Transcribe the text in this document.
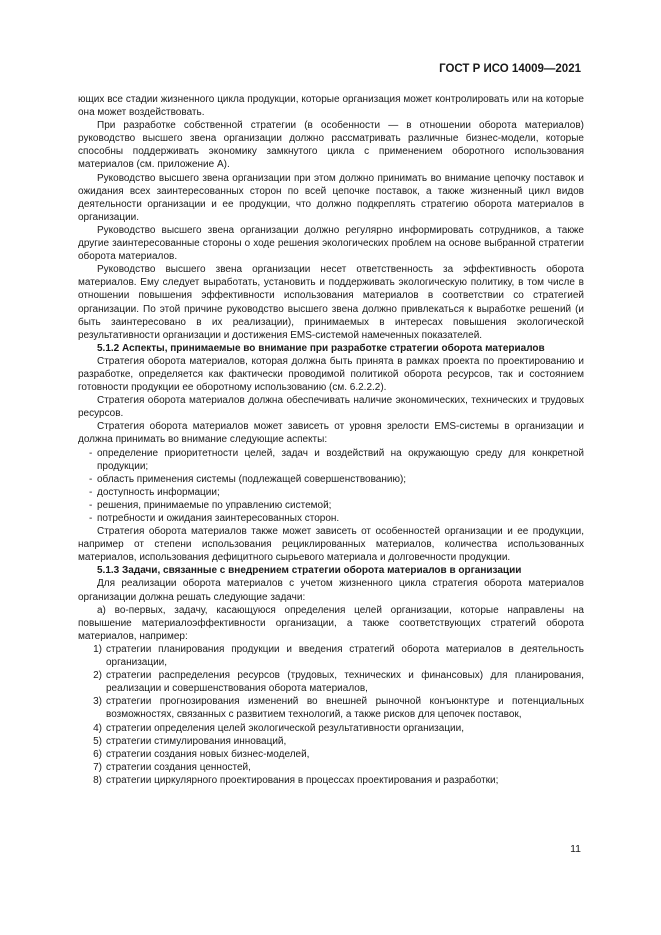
ГОСТ Р ИСО 14009—2021

ющих все стадии жизненного цикла продукции, которые организация может контролировать или на которые она может воздействовать.

При разработке собственной стратегии (в особенности — в отношении оборота материалов) руководство высшего звена организации должно рассматривать различные бизнес-модели, которые способны поддерживать экономику замкнутого цикла с применением оборотного использования материалов (см. приложение А).

Руководство высшего звена организации при этом должно принимать во внимание цепочку поставок и ожидания всех заинтересованных сторон по всей цепочке поставок, а также жизненный цикл видов деятельности организации и ее продукции, что должно подкреплять стратегию оборота материалов в организации.

Руководство высшего звена организации должно регулярно информировать сотрудников, а также другие заинтересованные стороны о ходе решения экологических проблем на основе выбранной стратегии оборота материалов.

Руководство высшего звена организации несет ответственность за эффективность оборота материалов. Ему следует выработать, установить и поддерживать экологическую политику, в том числе в отношении повышения эффективности использования материалов в соответствии со стратегией организации. По этой причине руководство высшего звена должно привлекаться к выработке решений (и быть заинтересовано в их реализации), принимаемых в интересах повышения экологической результативности организации и достижения EMS-системой намеченных показателей.

5.1.2 Аспекты, принимаемые во внимание при разработке стратегии оборота материалов

Стратегия оборота материалов, которая должна быть принята в рамках проекта по проектированию и разработке, определяется как фактически проводимой политикой оборота ресурсов, так и состоянием готовности продукции ее оборотному использованию (см. 6.2.2.2).

Стратегия оборота материалов должна обеспечивать наличие экономических, технических и трудовых ресурсов.

Стратегия оборота материалов может зависеть от уровня зрелости EMS-системы в организации и должна принимать во внимание следующие аспекты:

- определение приоритетности целей, задач и воздействий на окружающую среду для конкретной продукции;

- область применения системы (подлежащей совершенствованию);

- доступность информации;

- решения, принимаемые по управлению системой;

- потребности и ожидания заинтересованных сторон.

Стратегия оборота материалов также может зависеть от особенностей организации и ее продукции, например от степени использования рециклированных материалов, количества использованных материалов, использования дефицитного сырьевого материала и долговечности продукции.

5.1.3 Задачи, связанные с внедрением стратегии оборота материалов в организации

Для реализации оборота материалов с учетом жизненного цикла стратегия оборота материалов организации должна решать следующие задачи:

а) во-первых, задачу, касающуюся определения целей организации, которые направлены на повышение материалоэффективности организации, а также соответствующих стратегий оборота материалов, например:

1) стратегии планирования продукции и введения стратегий оборота материалов в деятельность организации,

2) стратегии распределения ресурсов (трудовых, технических и финансовых) для планирования, реализации и совершенствования оборота материалов,

3) стратегии прогнозирования изменений во внешней рыночной конъюнктуре и потенциальных возможностях, связанных с развитием технологий, а также рисков для цепочек поставок,

4) стратегии определения целей экологической результативности организации,

5) стратегии стимулирования инноваций,

6) стратегии создания новых бизнес-моделей,

7) стратегии создания ценностей,

8) стратегии циркулярного проектирования в процессах проектирования и разработки;

11
